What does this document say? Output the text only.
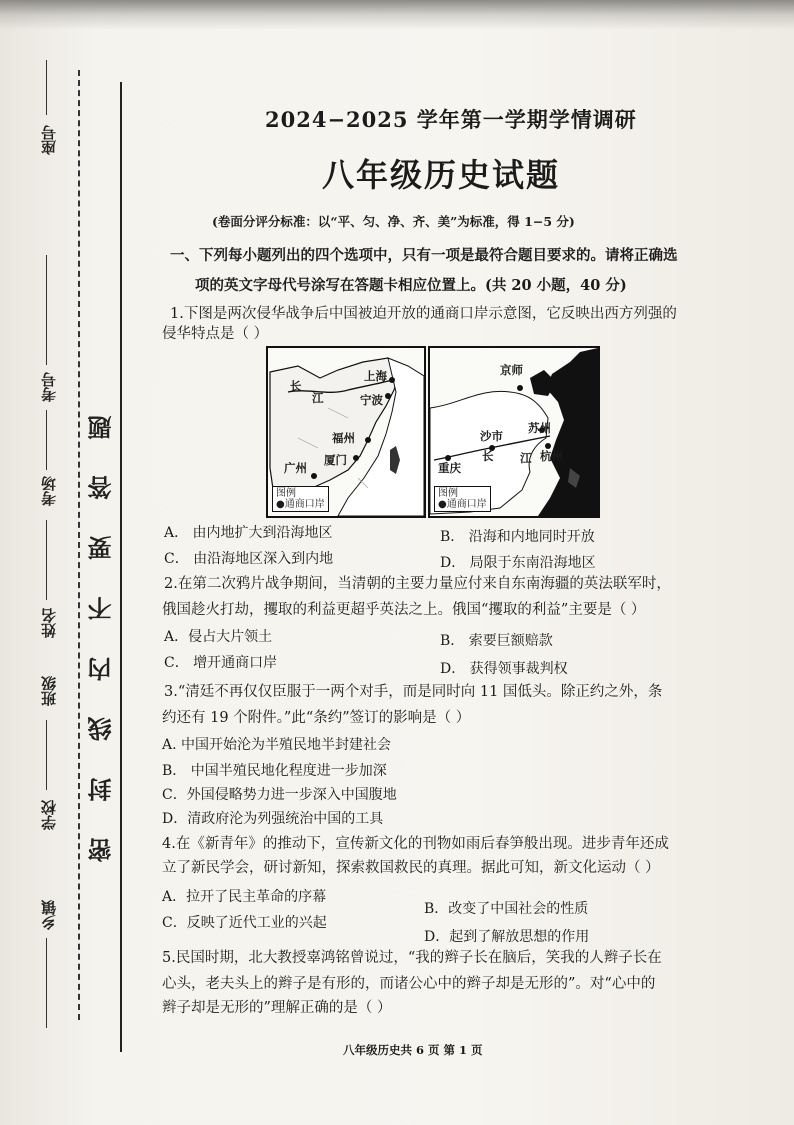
座号
考号
考场
班级
姓名
学校
乡镇
密 封 线 内 不 要 答 题
2024−2025 学年第一学期学情调研
八年级历史试题
(卷面分评分标准：以“平、匀、净、齐、美”为标准，得 1−5 分)
一、下列每小题列出的四个选项中，只有一项是最符合题目要求的。请将正确选
项的英文字母代号涂写在答题卡相应位置上。(共 20 小题，40 分)
1.下图是两次侵华战争后中国被迫开放的通商口岸示意图，它反映出西方列强的
侵华特点是（ ）
上海
长
江	宁波
福州
厦门
广州
图例
●通商口岸
京师
苏州
沙市
长 江 杭州
重庆
图例
●通商口岸
A． 由内地扩大到沿海地区	B． 沿海和内地同时开放
C． 由沿海地区深入到内地	D． 局限于东南沿海地区
2.在第二次鸦片战争期间，当清朝的主要力量应付来自东南海疆的英法联军时，
俄国趁火打劫，攫取的利益更超乎英法之上。俄国“攫取的利益”主要是（ ）
A．侵占大片领土	B． 索要巨额赔款
C． 增开通商口岸	D． 获得领事裁判权
3.“清廷不再仅仅臣服于一两个对手，而是同时向 11 国低头。除正约之外，条
约还有 19 个附件。”此“条约”签订的影响是（ ）
A. 中国开始沦为半殖民地半封建社会
B． 中国半殖民地化程度进一步加深
C．外国侵略势力进一步深入中国腹地
D．清政府沦为列强统治中国的工具
4.在《新青年》的推动下，宣传新文化的刊物如雨后春笋般出现。进步青年还成
立了新民学会，研讨新知，探索救国救民的真理。据此可知，新文化运动（ ）
A．拉开了民主革命的序幕
B．改变了中国社会的性质
C．反映了近代工业的兴起
D．起到了解放思想的作用
5.民国时期，北大教授辜鸿铭曾说过，“我的辫子长在脑后，笑我的人辫子长在
心头，老夫头上的辫子是有形的，而诸公心中的辫子却是无形的”。对“心中的
辫子却是无形的”理解正确的是（ ）
八年级历史共 6 页 第 1 页
